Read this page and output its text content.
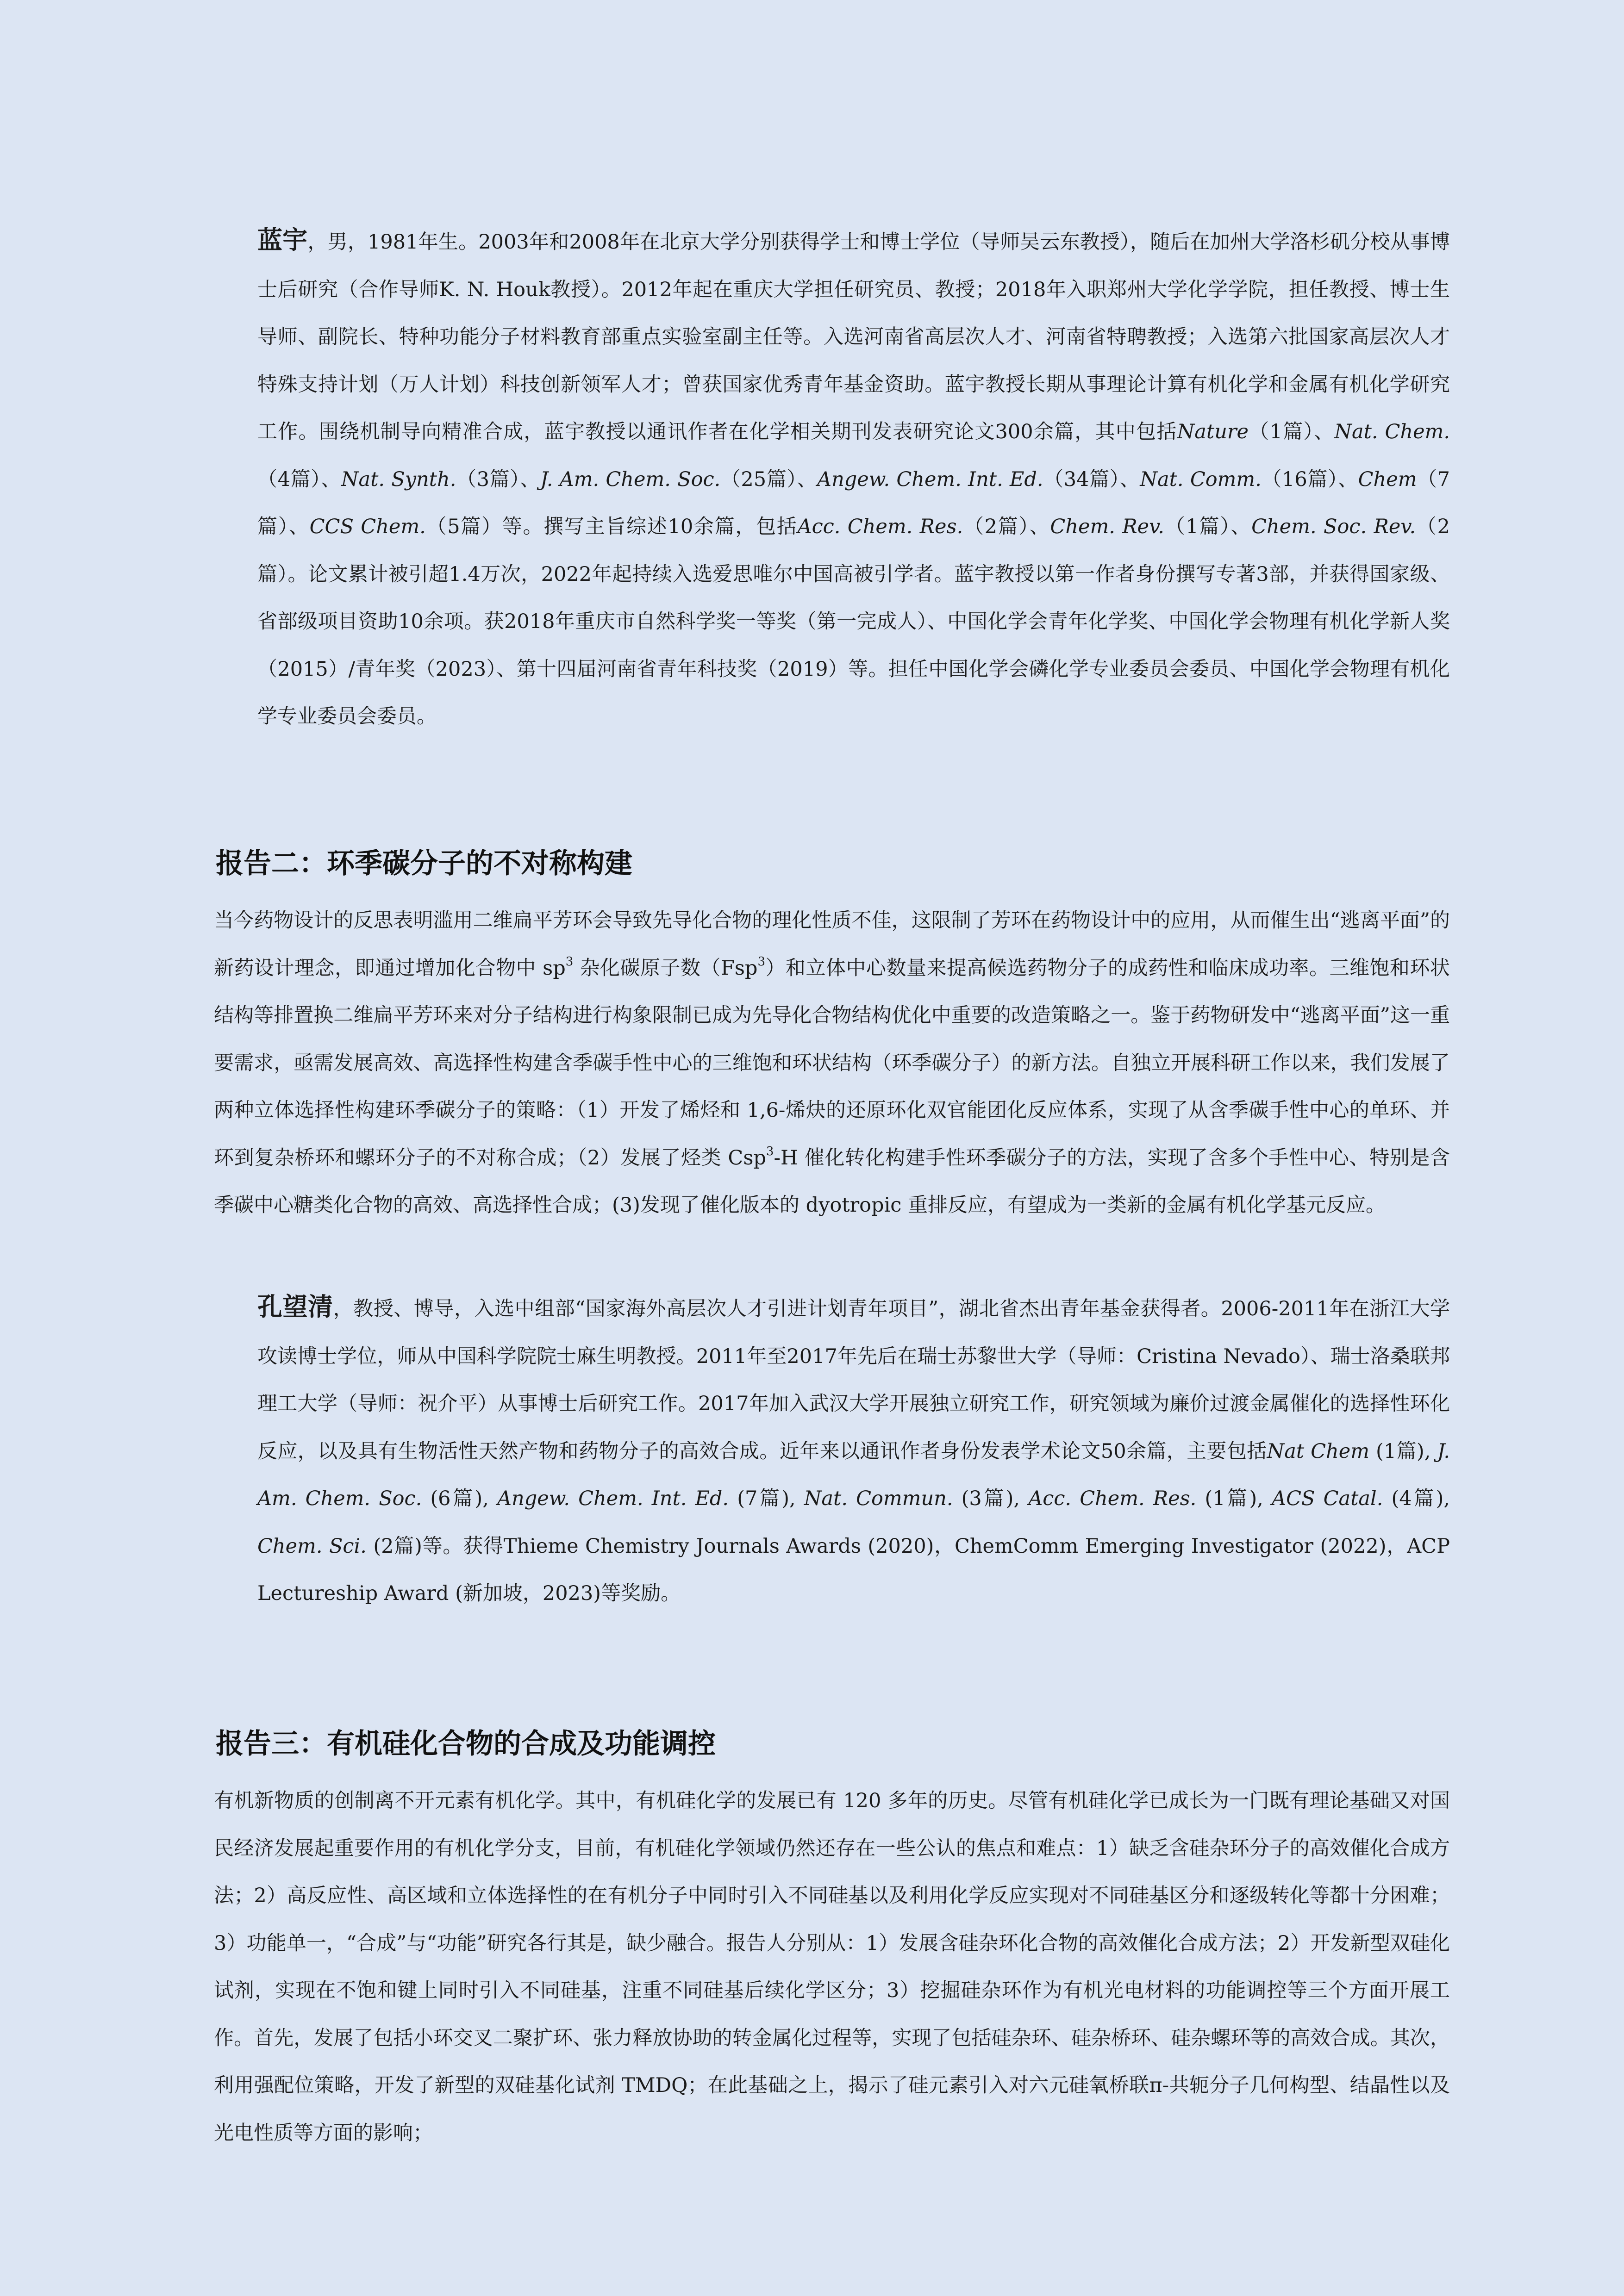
蓝宇，男，1981年生。2003年和2008年在北京大学分别获得学士和博士学位（导师吴云东教授），随后在加州大学洛杉矶分校从事博士后研究（合作导师K. N. Houk教授）。2012年起在重庆大学担任研究员、教授；2018年入职郑州大学化学学院，担任教授、博士生导师、副院长、特种功能分子材料教育部重点实验室副主任等。入选河南省高层次人才、河南省特聘教授；入选第六批国家高层次人才特殊支持计划（万人计划）科技创新领军人才；曾获国家优秀青年基金资助。蓝宇教授长期从事理论计算有机化学和金属有机化学研究工作。围绕机制导向精准合成，蓝宇教授以通讯作者在化学相关期刊发表研究论文300余篇，其中包括Nature（1篇）、Nat. Chem.（4篇）、Nat. Synth.（3篇）、J. Am. Chem. Soc.（25篇）、Angew. Chem. Int. Ed.（34篇）、Nat. Comm.（16篇）、Chem（7篇）、CCS Chem.（5篇）等。撰写主旨综述10余篇，包括Acc. Chem. Res.（2篇）、Chem. Rev.（1篇）、Chem. Soc. Rev.（2篇）。论文累计被引超1.4万次，2022年起持续入选爱思唯尔中国高被引学者。蓝宇教授以第一作者身份撰写专著3部，并获得国家级、省部级项目资助10余项。获2018年重庆市自然科学奖一等奖（第一完成人）、中国化学会青年化学奖、中国化学会物理有机化学新人奖（2015）/青年奖（2023）、第十四届河南省青年科技奖（2019）等。担任中国化学会磷化学专业委员会委员、中国化学会物理有机化学专业委员会委员。

报告二：环季碳分子的不对称构建

当今药物设计的反思表明滥用二维扁平芳环会导致先导化合物的理化性质不佳，这限制了芳环在药物设计中的应用，从而催生出“逃离平面”的新药设计理念，即通过增加化合物中 $sp^3$ 杂化碳原子数（Fsp$^3$）和立体中心数量来提高候选药物分子的成药性和临床成功率。三维饱和环状结构等排置换二维扁平芳环来对分子结构进行构象限制已成为先导化合物结构优化中重要的改造策略之一。鉴于药物研发中“逃离平面”这一重要需求，亟需发展高效、高选择性构建含季碳手性中心的三维饱和环状结构（环季碳分子）的新方法。自独立开展科研工作以来，我们发展了两种立体选择性构建环季碳分子的策略：（1）开发了烯烃和 1,6-烯炔的还原环化双官能团化反应体系，实现了从含季碳手性中心的单环、并环到复杂桥环和螺环分子的不对称合成；（2）发展了烃类 Csp$^3$-H 催化转化构建手性环季碳分子的方法，实现了含多个手性中心、特别是含季碳中心糖类化合物的高效、高选择性合成；(3)发现了催化版本的 dyotropic 重排反应，有望成为一类新的金属有机化学基元反应。

孔望清，教授、博导，入选中组部“国家海外高层次人才引进计划青年项目”，湖北省杰出青年基金获得者。2006-2011年在浙江大学攻读博士学位，师从中国科学院院士麻生明教授。2011年至2017年先后在瑞士苏黎世大学（导师：Cristina Nevado）、瑞士洛桑联邦理工大学（导师：祝介平）从事博士后研究工作。2017年加入武汉大学开展独立研究工作，研究领域为廉价过渡金属催化的选择性环化反应，以及具有生物活性天然产物和药物分子的高效合成。近年来以通讯作者身份发表学术论文50余篇，主要包括Nat Chem (1篇), J. Am. Chem. Soc. (6篇), Angew. Chem. Int. Ed. (7篇), Nat. Commun. (3篇), Acc. Chem. Res. (1篇), ACS Catal. (4篇), Chem. Sci. (2篇)等。获得Thieme Chemistry Journals Awards (2020)，ChemComm Emerging Investigator (2022)，ACP Lectureship Award (新加坡，2023)等奖励。

报告三：有机硅化合物的合成及功能调控

有机新物质的创制离不开元素有机化学。其中，有机硅化学的发展已有 120 多年的历史。尽管有机硅化学已成长为一门既有理论基础又对国民经济发展起重要作用的有机化学分支，目前，有机硅化学领域仍然还存在一些公认的焦点和难点：1）缺乏含硅杂环分子的高效催化合成方法；2）高反应性、高区域和立体选择性的在有机分子中同时引入不同硅基以及利用化学反应实现对不同硅基区分和逐级转化等都十分困难；3）功能单一，“合成”与“功能”研究各行其是，缺少融合。报告人分别从：1）发展含硅杂环化合物的高效催化合成方法；2）开发新型双硅化试剂，实现在不饱和键上同时引入不同硅基，注重不同硅基后续化学区分；3）挖掘硅杂环作为有机光电材料的功能调控等三个方面开展工作。首先，发展了包括小环交叉二聚扩环、张力释放协助的转金属化过程等，实现了包括硅杂环、硅杂桥环、硅杂螺环等的高效合成。其次，利用强配位策略，开发了新型的双硅基化试剂 TMDQ；在此基础之上，揭示了硅元素引入对六元硅氧桥联π-共轭分子几何构型、结晶性以及光电性质等方面的影响；
